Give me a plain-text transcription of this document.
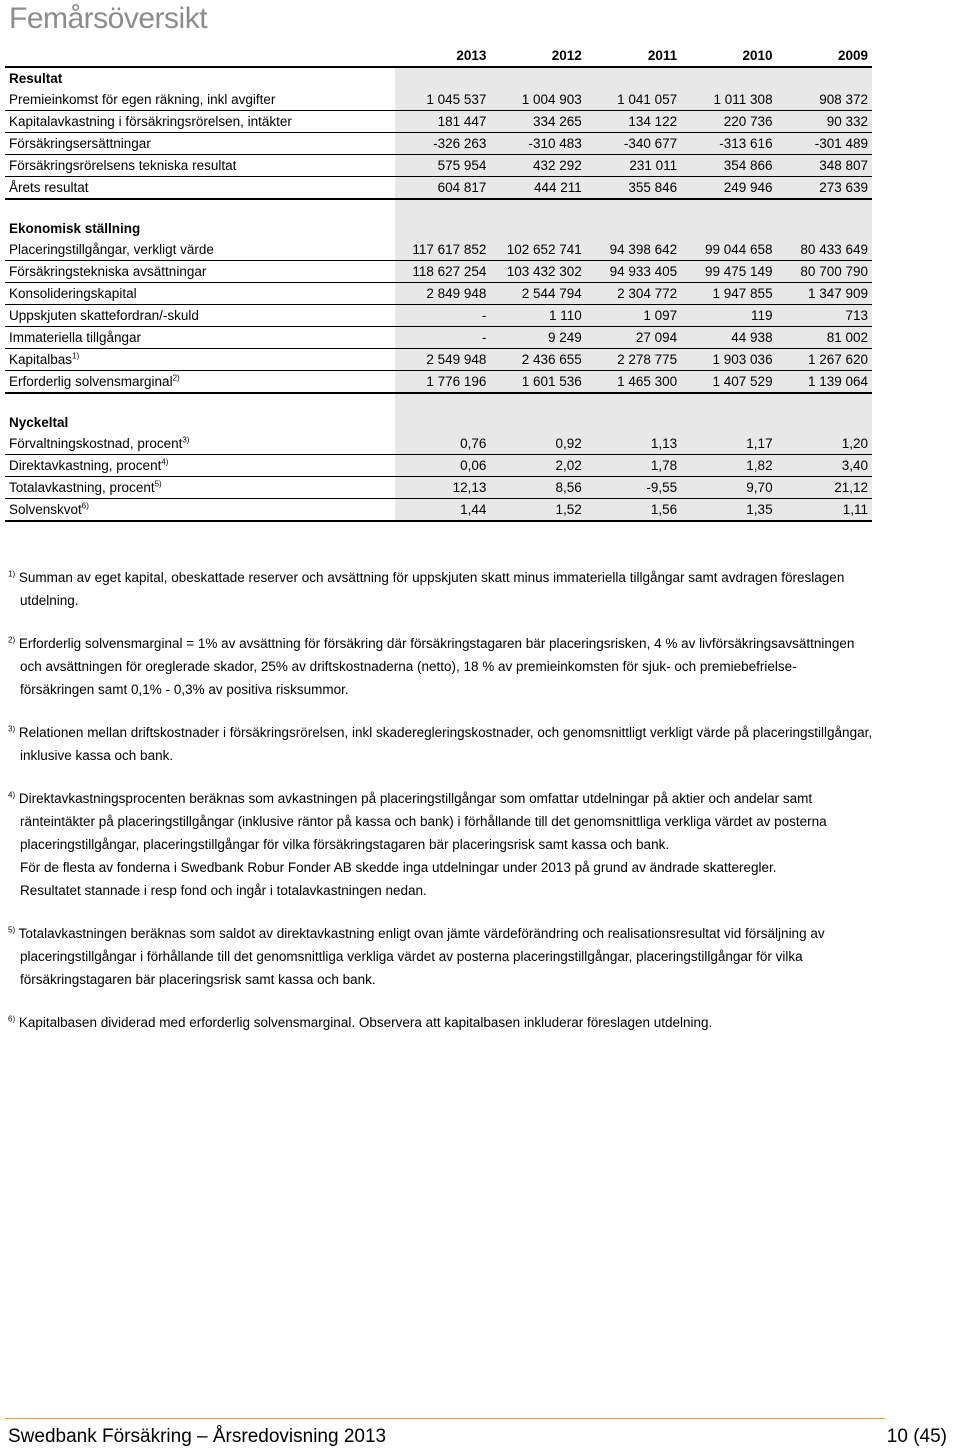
Femårsöversikt
	2013	2012	2011	2010	2009
Resultat					
Premieinkomst för egen räkning, inkl avgifter	1 045 537	1 004 903	1 041 057	1 011 308	908 372
Kapitalavkastning i försäkringsrörelsen, intäkter	181 447	334 265	134 122	220 736	90 332
Försäkringsersättningar	-326 263	-310 483	-340 677	-313 616	-301 489
Försäkringsrörelsens tekniska resultat	575 954	432 292	231 011	354 866	348 807
Årets resultat	604 817	444 211	355 846	249 946	273 639

Ekonomisk ställning					
Placeringstillgångar, verkligt värde	117 617 852	102 652 741	94 398 642	99 044 658	80 433 649
Försäkringstekniska avsättningar	118 627 254	103 432 302	94 933 405	99 475 149	80 700 790
Konsolideringskapital	2 849 948	2 544 794	2 304 772	1 947 855	1 347 909
Uppskjuten skattefordran/-skuld	-	1 110	1 097	119	713
Immateriella tillgångar	-	9 249	27 094	44 938	81 002
Kapitalbas$^{1)}$	2 549 948	2 436 655	2 278 775	1 903 036	1 267 620
Erforderlig solvensmarginal$^{2)}$	1 776 196	1 601 536	1 465 300	1 407 529	1 139 064

Nyckeltal					
Förvaltningskostnad, procent$^{3)}$	0,76	0,92	1,13	1,17	1,20
Direktavkastning, procent$^{4)}$	0,06	2,02	1,78	1,82	3,40
Totalavkastning, procent$^{5)}$	12,13	8,56	-9,55	9,70	21,12
Solvenskvot$^{6)}$	1,44	1,52	1,56	1,35	1,11
$^{1)}$ Summan av eget kapital, obeskattade reserver och avsättning för uppskjuten skatt minus immateriella tillgångar samt avdragen föreslagen
utdelning.
$^{2)}$ Erforderlig solvensmarginal = 1% av avsättning för försäkring där försäkringstagaren bär placeringsrisken, 4 % av livförsäkringsavsättningen
och avsättningen för oreglerade skador, 25% av driftskostnaderna (netto), 18 % av premieinkomsten för sjuk- och premiebefrielse-
försäkringen samt 0,1% - 0,3% av positiva risksummor.
$^{3)}$ Relationen mellan driftskostnader i försäkringsrörelsen, inkl skaderegleringskostnader, och genomsnittligt verkligt värde på placeringstillgångar,
inklusive kassa och bank.
$^{4)}$ Direktavkastningsprocenten beräknas som avkastningen på placeringstillgångar som omfattar utdelningar på aktier och andelar samt
ränteintäkter på placeringstillgångar (inklusive räntor på kassa och bank) i förhållande till det genomsnittliga verkliga värdet av posterna
placeringstillgångar, placeringstillgångar för vilka försäkringstagaren bär placeringsrisk samt kassa och bank.
För de flesta av fonderna i Swedbank Robur Fonder AB skedde inga utdelningar under 2013 på grund av ändrade skatteregler.
Resultatet stannade i resp fond och ingår i totalavkastningen nedan.
$^{5)}$ Totalavkastningen beräknas som saldot av direktavkastning enligt ovan jämte värdeförändring och realisationsresultat vid försäljning av
placeringstillgångar i förhållande till det genomsnittliga verkliga värdet av posterna placeringstillgångar, placeringstillgångar för vilka
försäkringstagaren bär placeringsrisk samt kassa och bank.
$^{6)}$ Kapitalbasen dividerad med erforderlig solvensmarginal. Observera att kapitalbasen inkluderar föreslagen utdelning.
Swedbank Försäkring – Årsredovisning 2013	10 (45)
